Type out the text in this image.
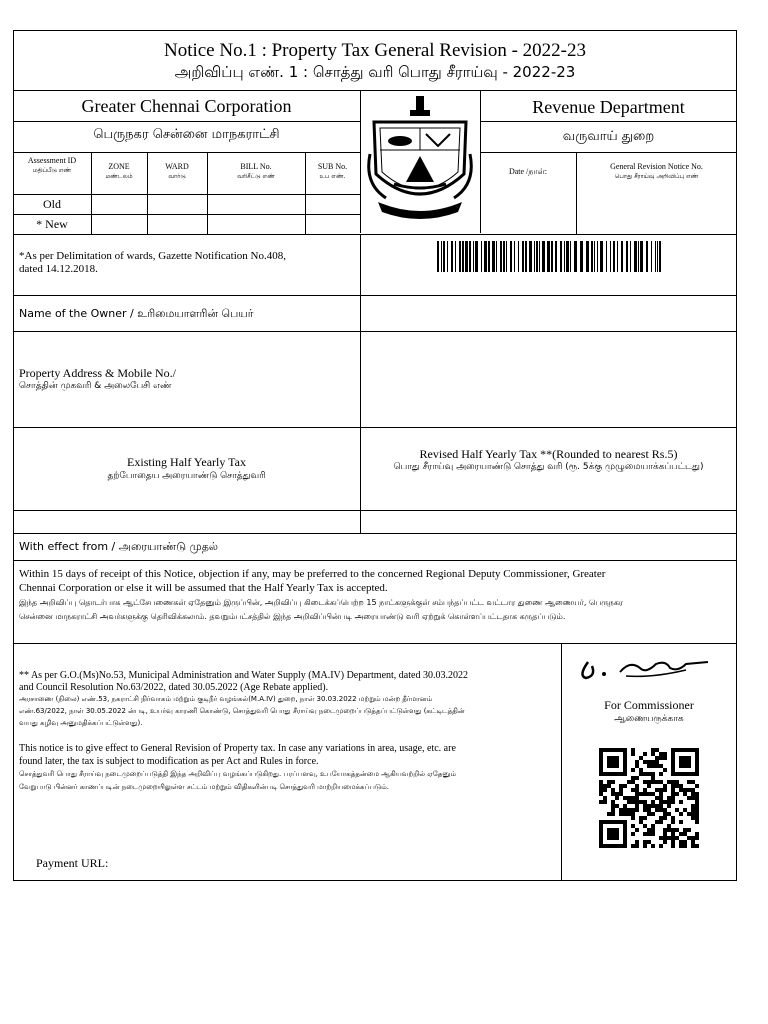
Notice No.1 : Property Tax General Revision - 2022-23
அறிவிப்பு எண். 1 : சொத்து வரி பொது சீராய்வு - 2022-23
Greater Chennai Corporation
பெருநகர சென்னை மாநகராட்சி
Revenue Department
வருவாய் துறை
Assessment ID
மதிப்பீடு எண்	ZONE
மண்டலம்
WARD
வார்டு
BILL No.
வரிசீட்டு எண்
SUB No.
உப எண்.
Old
* New
Date /நாள்:
General Revision Notice No.
பொது சீராய்வு அறிவிப்பு எண்
*As per Delimitation of wards, Gazette Notification No.408,
dated 14.12.2018.
Name of the Owner / உரிமையாளரின் பெயர்
Property Address & Mobile No./
சொத்தின் முகவரி & அலைபேசி எண்
Existing Half Yearly Tax
தற்போதைய அரையாண்டு சொத்துவரி
Revised Half Yearly Tax **(Rounded to nearest Rs.5)
பொது சீராய்வு அரையாண்டு சொத்து வரி (ரூ. 5க்கு முழுமையாக்கப்பட்டது)
With effect from / அரையாண்டு முதல்
Within 15 days of receipt of this Notice, objection if any, may be preferred to the concerned Regional Deputy Commissioner, Greater
Chennai Corporation or else it will be assumed that the Half Yearly Tax is accepted.
இந்த அறிவிப்பு தொடர்பாக ஆட்சேபணைகள் ஏதேனும் இருப்பின், அறிவிப்பு கிடைக்கப்பெற்ற 15 நாட்களுக்குள் சம்பந்தப்பட்ட வட்டார துணை ஆணையர், பெருநகர
சென்னை மாநகராட்சி அவர்களுக்கு தெரிவிக்கலாம். தவறும்பட்சத்தில் இந்த அறிவிப்பின்படி அரையாண்டு வரி ஏற்றுக் கொள்ளப்பட்டதாக கருதப்படும்.
** As per G.O.(Ms)No.53, Municipal Administration and Water Supply (MA.IV) Department, dated 30.03.2022
and Council Resolution No.63/2022, dated 30.05.2022 (Age Rebate applied).
அரசாணை (நிலை) எண்.53, நகராட்சி நிர்வாகம் மற்றும் குடிநீர் வழங்கல்(M.A.IV) துறை, நாள் 30.03.2022 மற்றும் மன்ற தீர்மானம்
எண்.63/2022, நாள் 30.05.2022 ன்படி, உயர்வு காரணி கொண்டு, சொத்துவரி பொது சீராய்வு நடைமுறைப்படுத்தப்பட்டுள்ளது (கட்டிடத்தின்
வயது கழிவு அனுமதிக்கப்பட்டுள்ளது).
This notice is to give effect to General Revision of Property tax. In case any variations in area, usage, etc. are
found later, the tax is subject to modification as per Act and Rules in force.
சொத்துவரி பொது சீராய்வு நடைமுறைப்படுத்தி இந்த அறிவிப்பு வழங்கப்படுகிறது. பரப்பளவு, உபயோகத்தன்மை ஆகியவற்றில் ஏதேனும்
வேறுபாடு பின்னர் காணப்படின் நடைமுறையிலுள்ள சட்டம் மற்றும் விதிகளின்படி சொத்துவரி மாற்றியமைக்கப்படும்.
Payment URL:
For Commissioner
ஆணையருக்காக
